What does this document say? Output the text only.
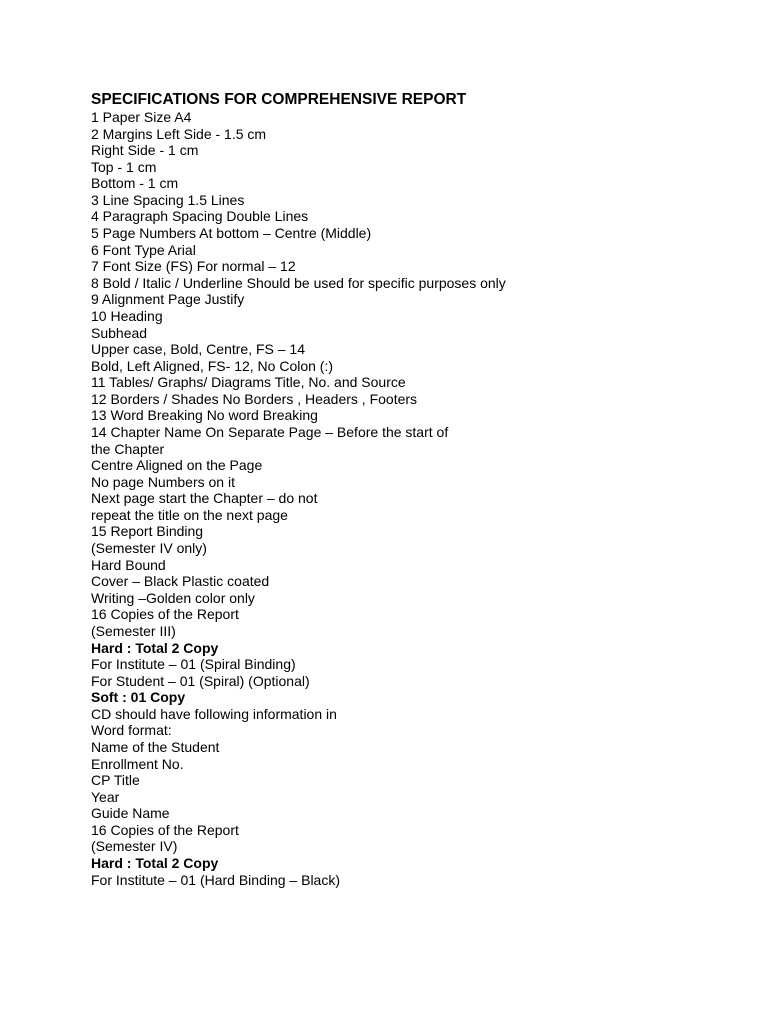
SPECIFICATIONS FOR COMPREHENSIVE REPORT
1 Paper Size A4
2 Margins Left Side - 1.5 cm
Right Side - 1 cm
Top - 1 cm
Bottom - 1 cm
3 Line Spacing 1.5 Lines
4 Paragraph Spacing Double Lines
5 Page Numbers At bottom – Centre (Middle)
6 Font Type Arial
7 Font Size (FS) For normal – 12
8 Bold / Italic / Underline Should be used for specific purposes only
9 Alignment Page Justify
10 Heading
Subhead
Upper case, Bold, Centre, FS – 14
Bold, Left Aligned, FS- 12, No Colon (:)
11 Tables/ Graphs/ Diagrams Title, No. and Source
12 Borders / Shades No Borders , Headers , Footers
13 Word Breaking No word Breaking
14 Chapter Name On Separate Page – Before the start of
the Chapter
Centre Aligned on the Page
No page Numbers on it
Next page start the Chapter – do not
repeat the title on the next page
15 Report Binding
(Semester IV only)
Hard Bound
Cover – Black Plastic coated
Writing –Golden color only
16 Copies of the Report
(Semester III)
Hard : Total 2 Copy
For Institute – 01 (Spiral Binding)
For Student – 01 (Spiral) (Optional)
Soft : 01 Copy
CD should have following information in
Word format:
Name of the Student
Enrollment No.
CP Title
Year
Guide Name
16 Copies of the Report
(Semester IV)
Hard : Total 2 Copy
For Institute – 01 (Hard Binding – Black)
